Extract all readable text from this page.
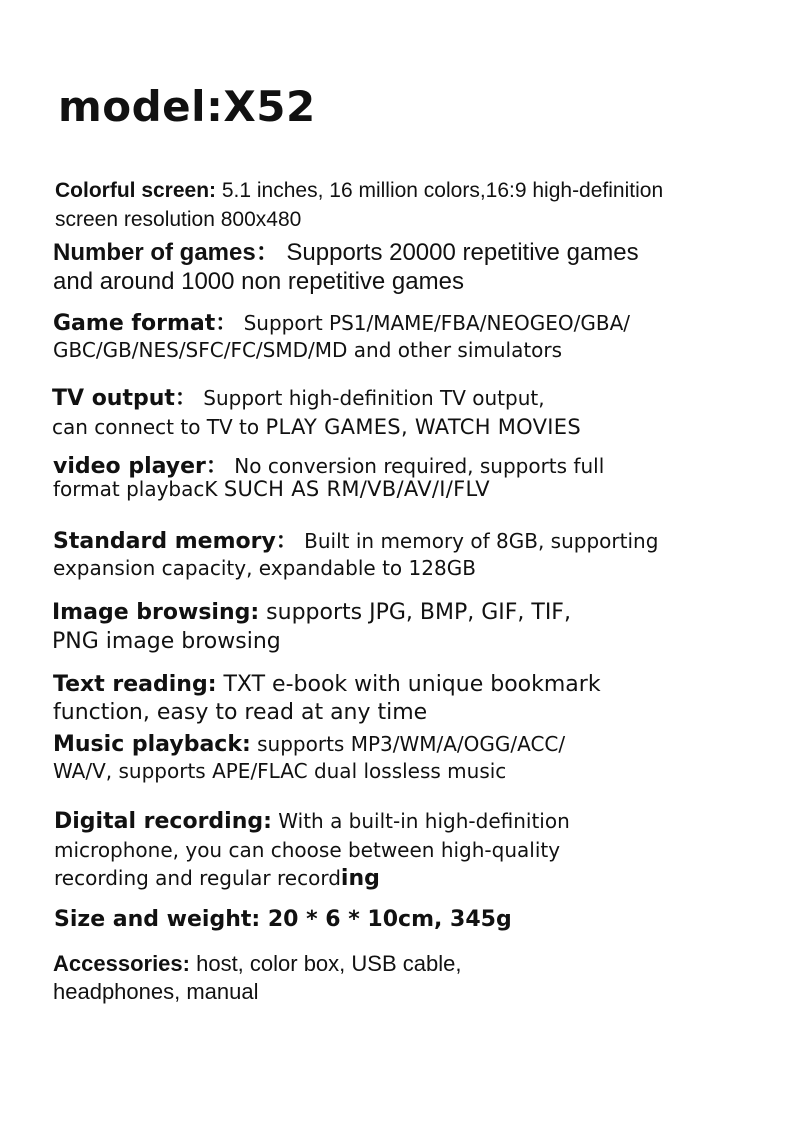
model:X52
Colorful screen: 5.1 inches, 16 million colors,16:9 high-definition
screen resolution 800x480
Number of games： Supports 20000 repetitive games
and around 1000 non repetitive games
Game format： Support PS1/MAME/FBA/NEOGEO/GBA/
GBC/GB/NES/SFC/FC/SMD/MD and other simulators
TV output： Support high-definition TV output,
can connect to TV to PLAY GAMES, WATCH MOVIES
video player： No conversion required, supports full
format playbacK SUCH AS RM/VB/AV/I/FLV
Standard memory： Built in memory of 8GB, supporting
expansion capacity, expandable to 128GB
Image browsing: supports JPG, BMP, GIF, TIF,
PNG image browsing
Text reading: TXT e-book with unique bookmark
function, easy to read at any time
Music playback: supports MP3/WM/A/OGG/ACC/
WA/V, supports APE/FLAC dual lossless music
Digital recording: With a built-in high-definition
microphone, you can choose between high-quality
recording and regular recording
Size and weight: 20 * 6 * 10cm, 345g
Accessories: host, color box, USB cable,
headphones, manual
